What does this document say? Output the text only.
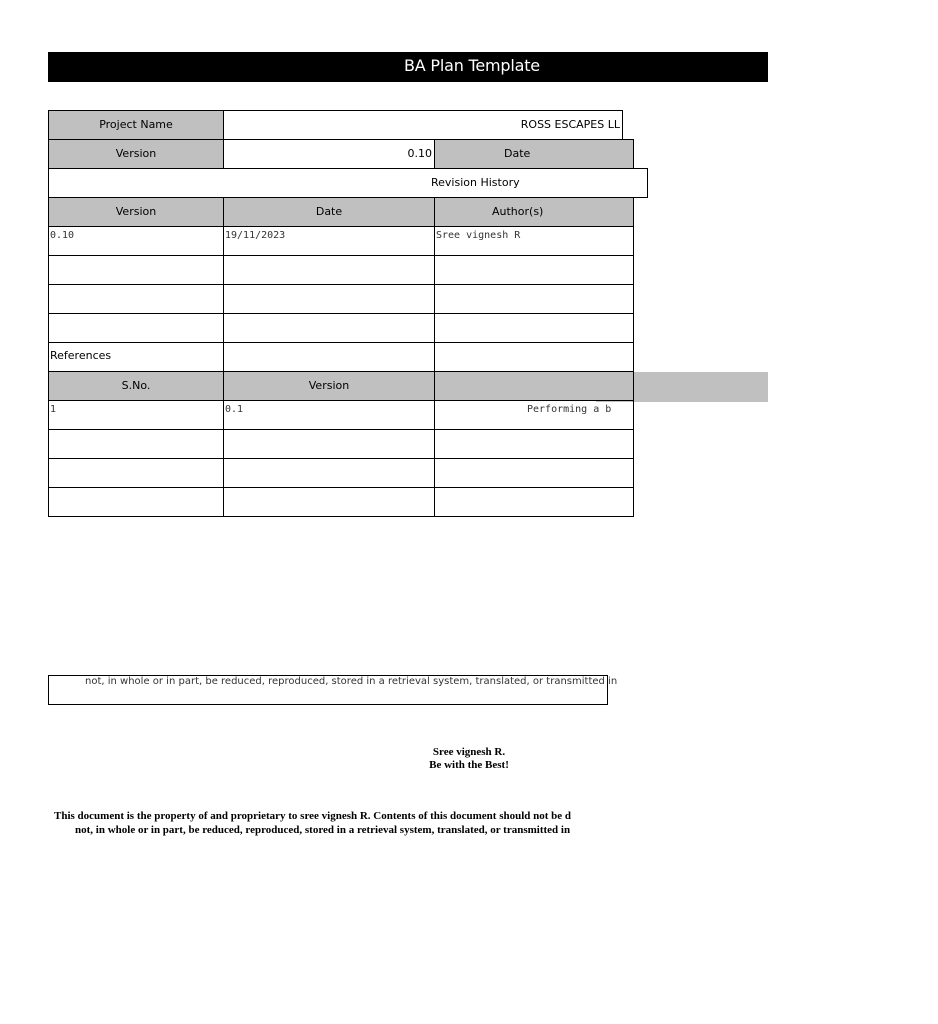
BA Plan Template
Project Name	ROSS ESCAPES LL
Version	0.10	Date
Revision History
Version	Date	Author(s)
0.10	19/11/2023	Sree vignesh R
References
S.No.	Version
1	0.1	Performing a b
not, in whole or in part, be reduced, reproduced, stored in a retrieval system, translated, or transmitted in
Sree vignesh R.
Be with the Best!
This document is the property of and proprietary to sree vignesh R. Contents of this document should not be d
not, in whole or in part, be reduced, reproduced, stored in a retrieval system, translated, or transmitted in
